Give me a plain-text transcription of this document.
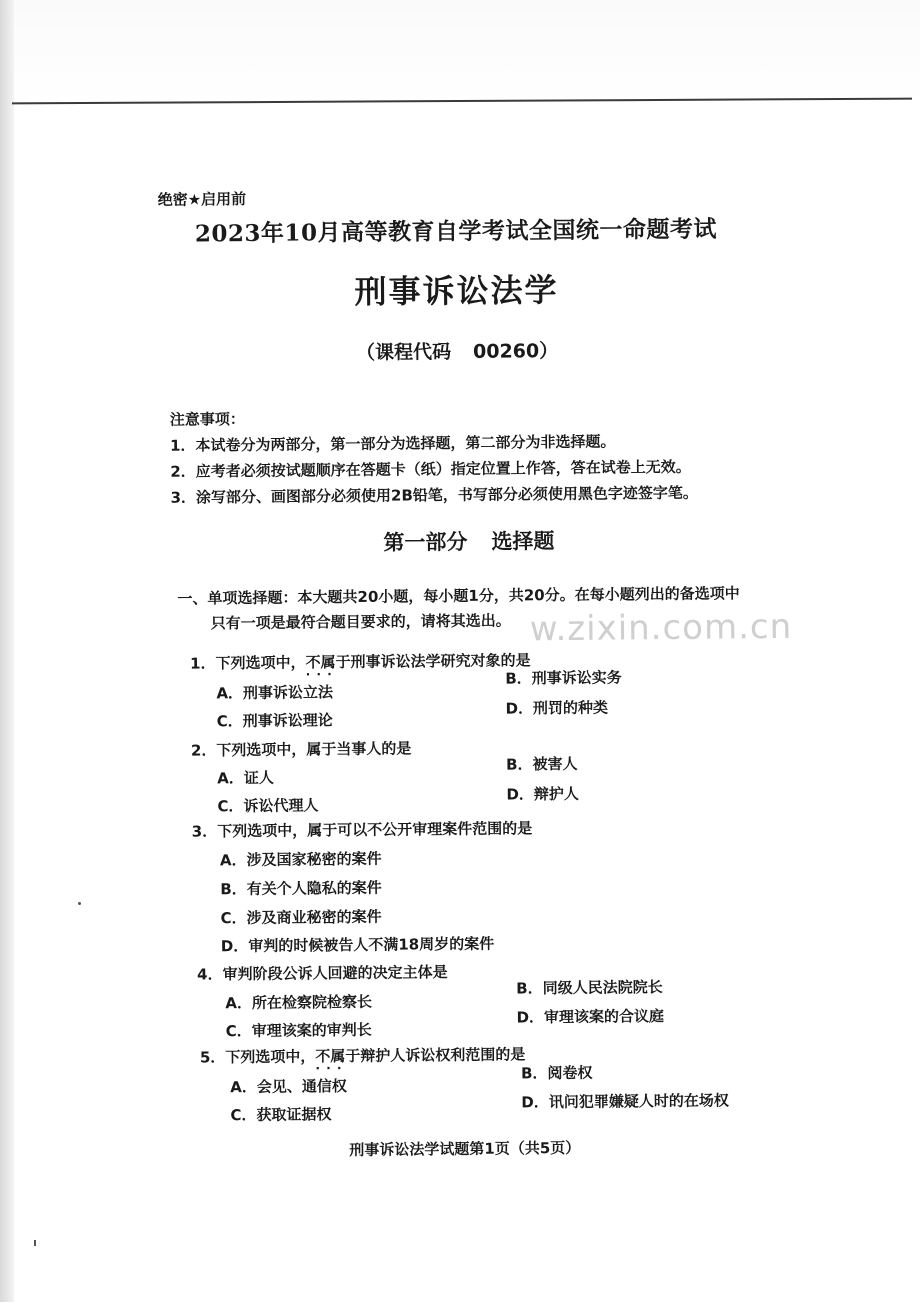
绝密★启用前
2023年10月高等教育自学考试全国统一命题考试
刑事诉讼法学
（课程代码 00260）
注意事项：
1．本试卷分为两部分，第一部分为选择题，第二部分为非选择题。
2．应考者必须按试题顺序在答题卡（纸）指定位置上作答，答在试卷上无效。
3．涂写部分、画图部分必须使用2B铅笔，书写部分必须使用黑色字迹签字笔。
第一部分 选择题
一、单项选择题：本大题共20小题，每小题1分，共20分。在每小题列出的备选项中
只有一项是最符合题目要求的，请将其选出。 w.zixin.com.cn
1．下列选项中，不属于 · · ·刑事诉讼法学研究对象的是
B．刑事诉讼实务
A．刑事诉讼立法
D．刑罚的种类
C．刑事诉讼理论
2．下列选项中，属于当事人的是
B．被害人
A．证人
D．辩护人
C．诉讼代理人
3．下列选项中，属于可以不公开审理案件范围的是
A．涉及国家秘密的案件
B．有关个人隐私的案件
C．涉及商业秘密的案件
D．审判的时候被告人不满18周岁的案件
4．审判阶段公诉人回避的决定主体是
B．同级人民法院院长
A．所在检察院检察长
D．审理该案的合议庭
C．审理该案的审判长
5．下列选项中，不属于 · · ·辩护人诉讼权利范围的是
B．阅卷权
A．会见、通信权
D．讯问犯罪嫌疑人时的在场权
C．获取证据权
刑事诉讼法学试题第1页（共5页）
